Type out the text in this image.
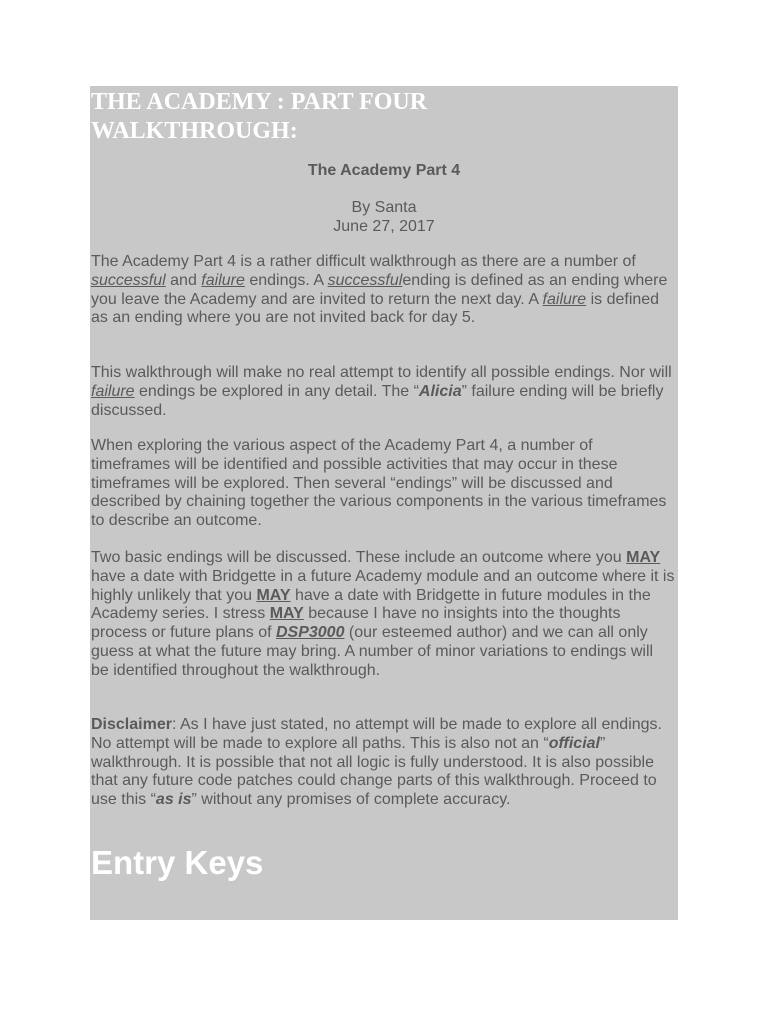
THE ACADEMY : PART FOUR WALKTHROUGH:
The Academy Part 4
By Santa
June 27, 2017

The Academy Part 4 is a rather difficult walkthrough as there are a number of successful and failure endings. A successfulending is defined as an ending where you leave the Academy and are invited to return the next day. A failure is defined as an ending where you are not invited back for day 5.

This walkthrough will make no real attempt to identify all possible endings. Nor will failure endings be explored in any detail. The “Alicia” failure ending will be briefly discussed.

When exploring the various aspect of the Academy Part 4, a number of timeframes will be identified and possible activities that may occur in these timeframes will be explored. Then several “endings” will be discussed and described by chaining together the various components in the various timeframes to describe an outcome.

Two basic endings will be discussed. These include an outcome where you MAY have a date with Bridgette in a future Academy module and an outcome where it is highly unlikely that you MAY have a date with Bridgette in future modules in the Academy series. I stress MAY because I have no insights into the thoughts process or future plans of DSP3000 (our esteemed author) and we can all only guess at what the future may bring. A number of minor variations to endings will be identified throughout the walkthrough.

Disclaimer: As I have just stated, no attempt will be made to explore all endings. No attempt will be made to explore all paths. This is also not an “official” walkthrough. It is possible that not all logic is fully understood. It is also possible that any future code patches could change parts of this walkthrough. Proceed to use this “as is” without any promises of complete accuracy.

Entry Keys
